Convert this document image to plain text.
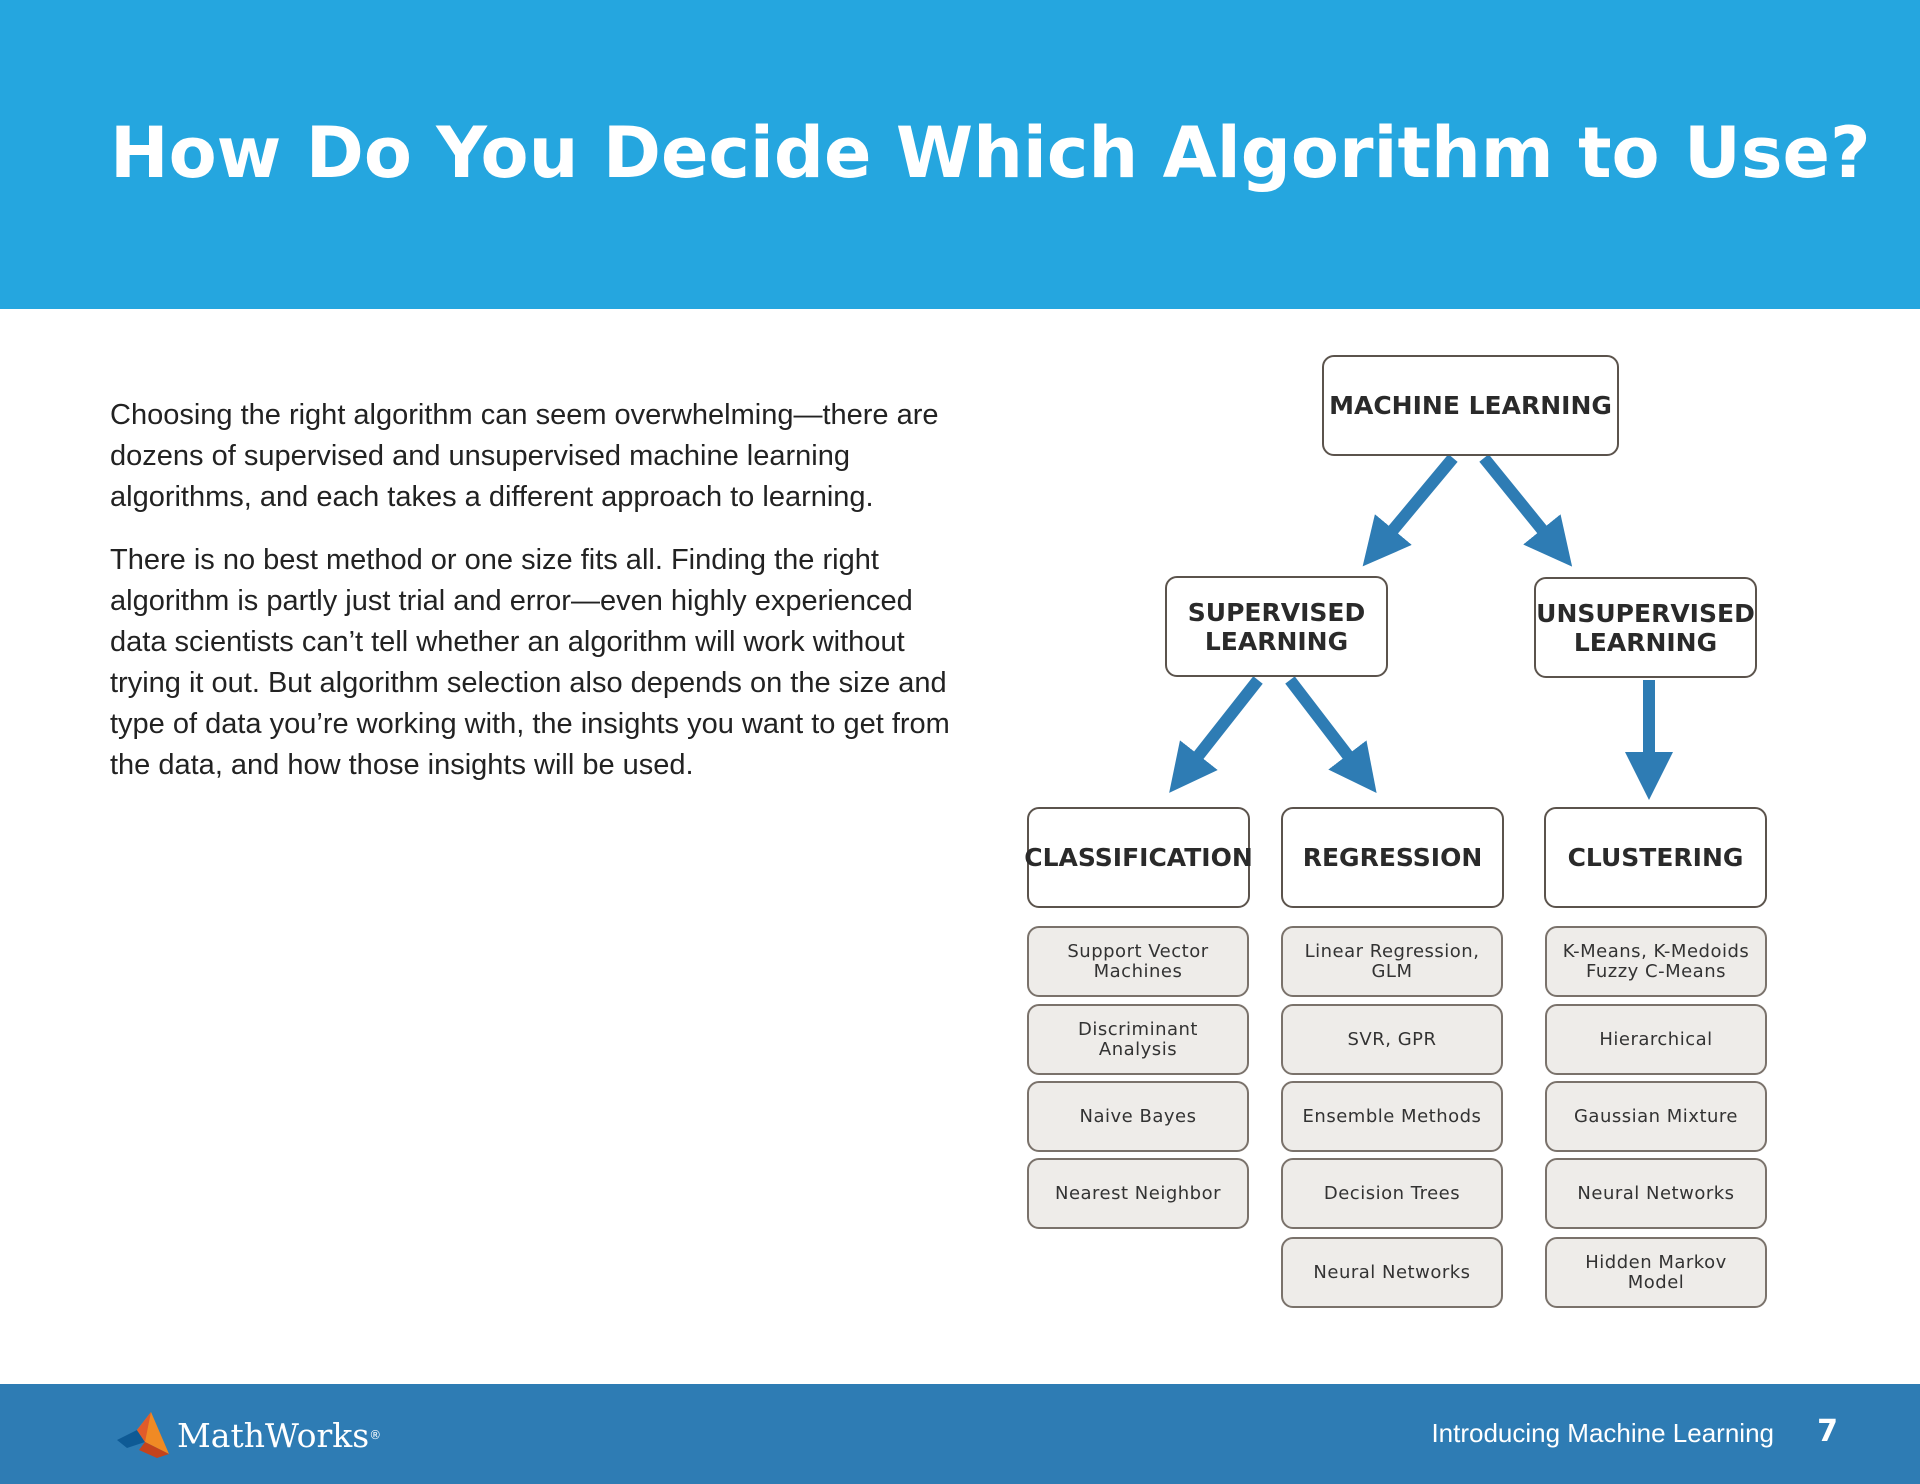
How Do You Decide Which Algorithm to Use?

Choosing the right algorithm can seem overwhelming—there are dozens of supervised and unsupervised machine learning algorithms, and each takes a different approach to learning.

There is no best method or one size fits all. Finding the right algorithm is partly just trial and error—even highly experienced data scientists can’t tell whether an algorithm will work without trying it out. But algorithm selection also depends on the size and type of data you’re working with, the insights you want to get from the data, and how those insights will be used.

MACHINE LEARNING
SUPERVISED
LEARNING
UNSUPERVISED
LEARNING
CLASSIFICATION	REGRESSION	CLUSTERING
Support Vector
Machines
Discriminant
Analysis
Naive Bayes
Nearest Neighbor
Linear Regression,
GLM
SVR, GPR
Ensemble Methods
Decision Trees
Neural Networks
K-Means, K-Medoids
Fuzzy C-Means
Hierarchical
Gaussian Mixture
Neural Networks
Hidden Markov
Model
MathWorks ®	Introducing Machine Learning 7
